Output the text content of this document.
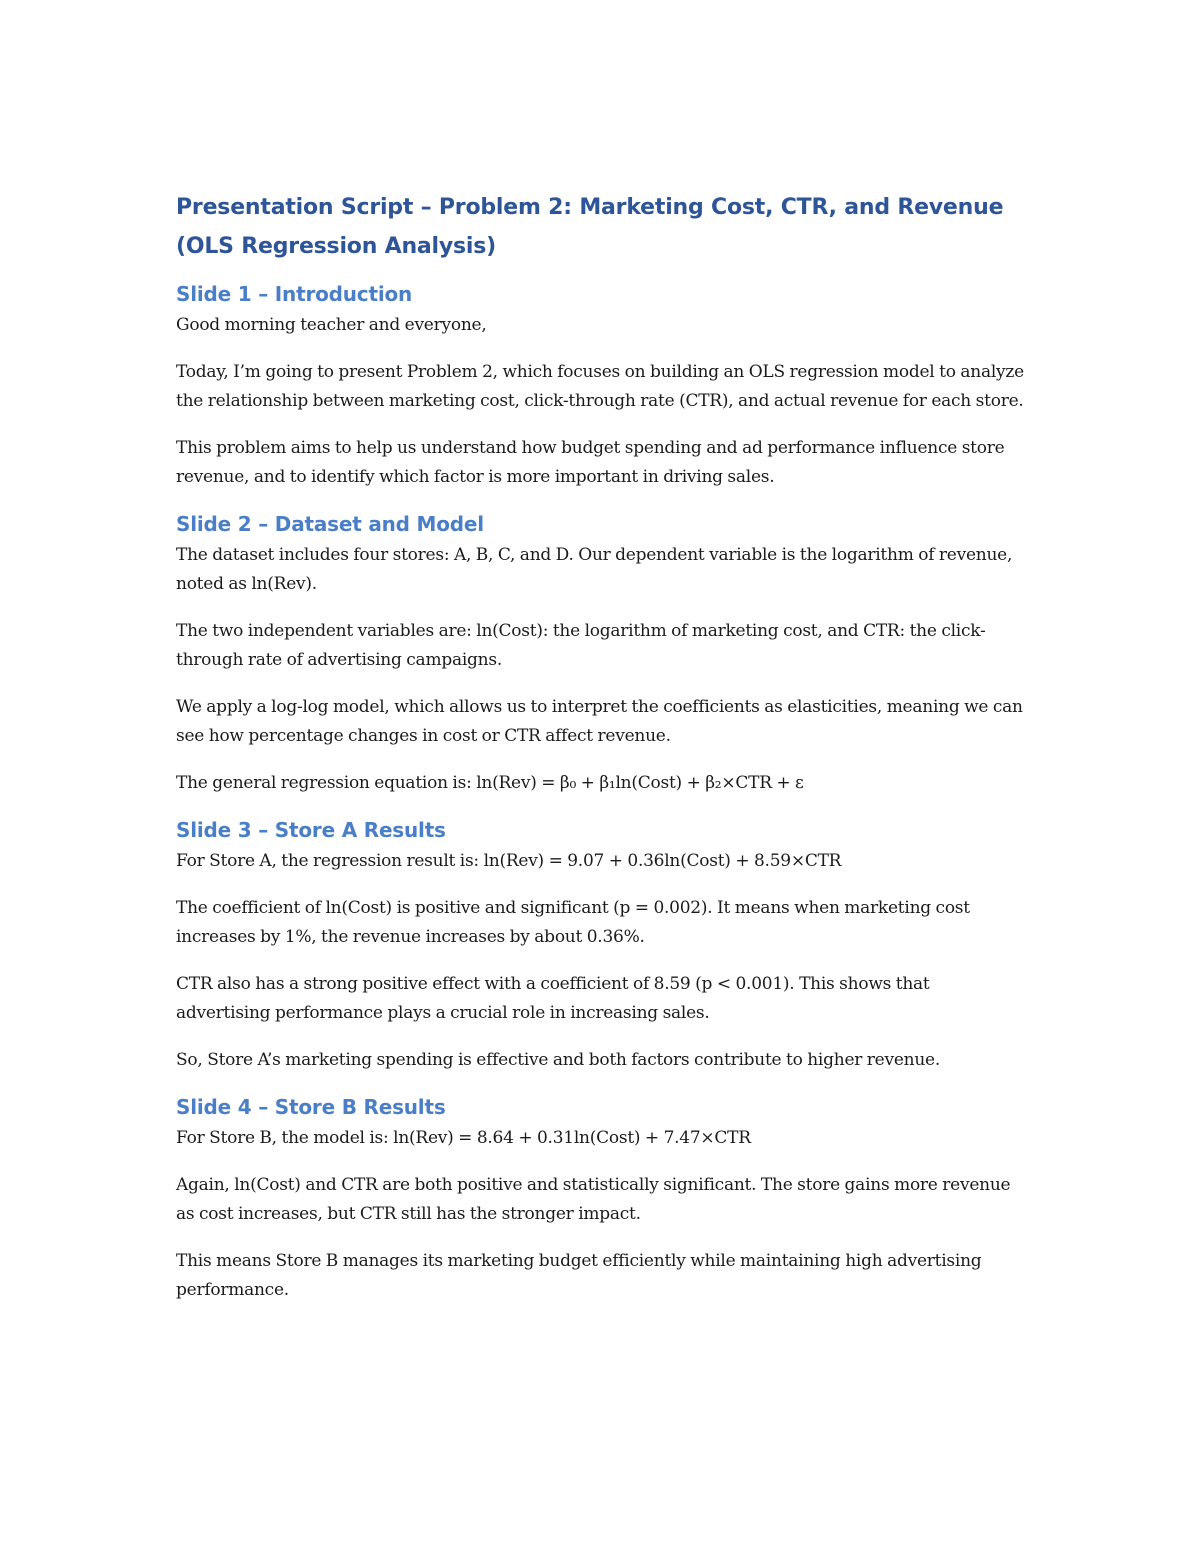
Presentation Script – Problem 2: Marketing Cost, CTR, and Revenue (OLS Regression Analysis)
Slide 1 – Introduction

Good morning teacher and everyone,

Today, I’m going to present Problem 2, which focuses on building an OLS regression model to analyze the relationship between marketing cost, click-through rate (CTR), and actual revenue for each store.

This problem aims to help us understand how budget spending and ad performance influence store revenue, and to identify which factor is more important in driving sales.

Slide 2 – Dataset and Model

The dataset includes four stores: A, B, C, and D. Our dependent variable is the logarithm of revenue, noted as ln(Rev).

The two independent variables are: ln(Cost): the logarithm of marketing cost, and CTR: the click-through rate of advertising campaigns.

We apply a log-log model, which allows us to interpret the coefficients as elasticities, meaning we can see how percentage changes in cost or CTR affect revenue.

The general regression equation is: ln(Rev) = β₀ + β₁ln(Cost) + β₂×CTR + ε

Slide 3 – Store A Results

For Store A, the regression result is: ln(Rev) = 9.07 + 0.36ln(Cost) + 8.59×CTR

The coefficient of ln(Cost) is positive and significant (p = 0.002). It means when marketing cost increases by 1%, the revenue increases by about 0.36%.

CTR also has a strong positive effect with a coefficient of 8.59 (p < 0.001). This shows that advertising performance plays a crucial role in increasing sales.

So, Store A’s marketing spending is effective and both factors contribute to higher revenue.

Slide 4 – Store B Results

For Store B, the model is: ln(Rev) = 8.64 + 0.31ln(Cost) + 7.47×CTR

Again, ln(Cost) and CTR are both positive and statistically significant. The store gains more revenue as cost increases, but CTR still has the stronger impact.

This means Store B manages its marketing budget efficiently while maintaining high advertising performance.
